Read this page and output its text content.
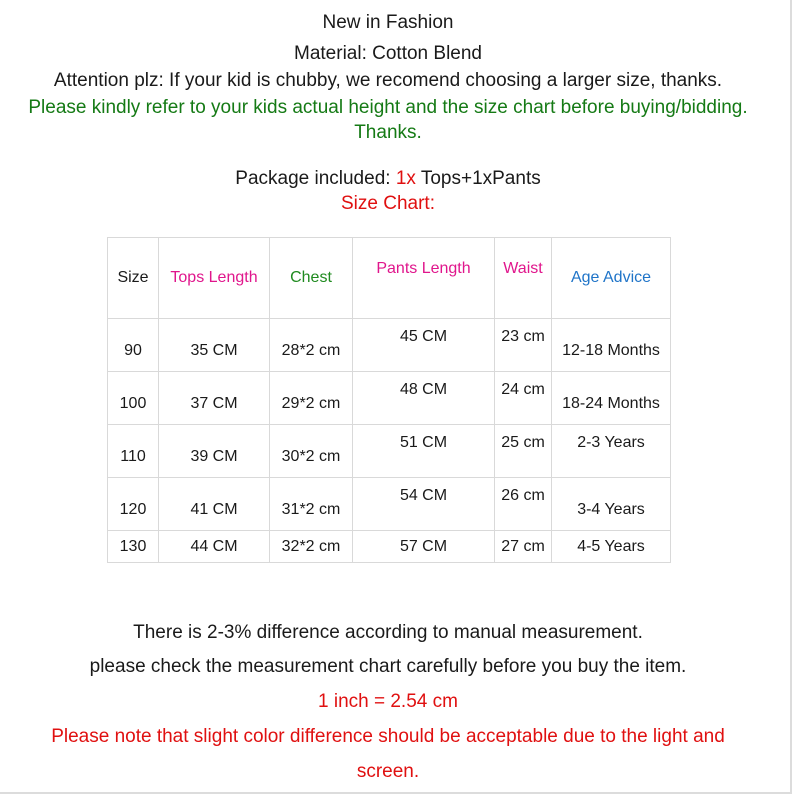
New in Fashion
Material: Cotton Blend
Attention plz: If your kid is chubby, we recomend choosing a larger size, thanks.
Please kindly refer to your kids actual height and the size chart before buying/bidding.
Thanks.
Package included: 1x Tops+1xPants
Size Chart:
Size	Tops Length	Chest	Pants Length	Waist	Age Advice
90	35 CM	28*2 cm	45 CM	23 cm	12-18 Months
100	37 CM	29*2 cm	48 CM	24 cm	18-24 Months
110	39 CM	30*2 cm	51 CM	25 cm	2-3 Years
120	41 CM	31*2 cm	54 CM	26 cm	3-4 Years
130	44 CM	32*2 cm	57 CM	27 cm	4-5 Years
There is 2-3% difference according to manual measurement.
please check the measurement chart carefully before you buy the item.
1 inch = 2.54 cm
Please note that slight color difference should be acceptable due to the light and
screen.
